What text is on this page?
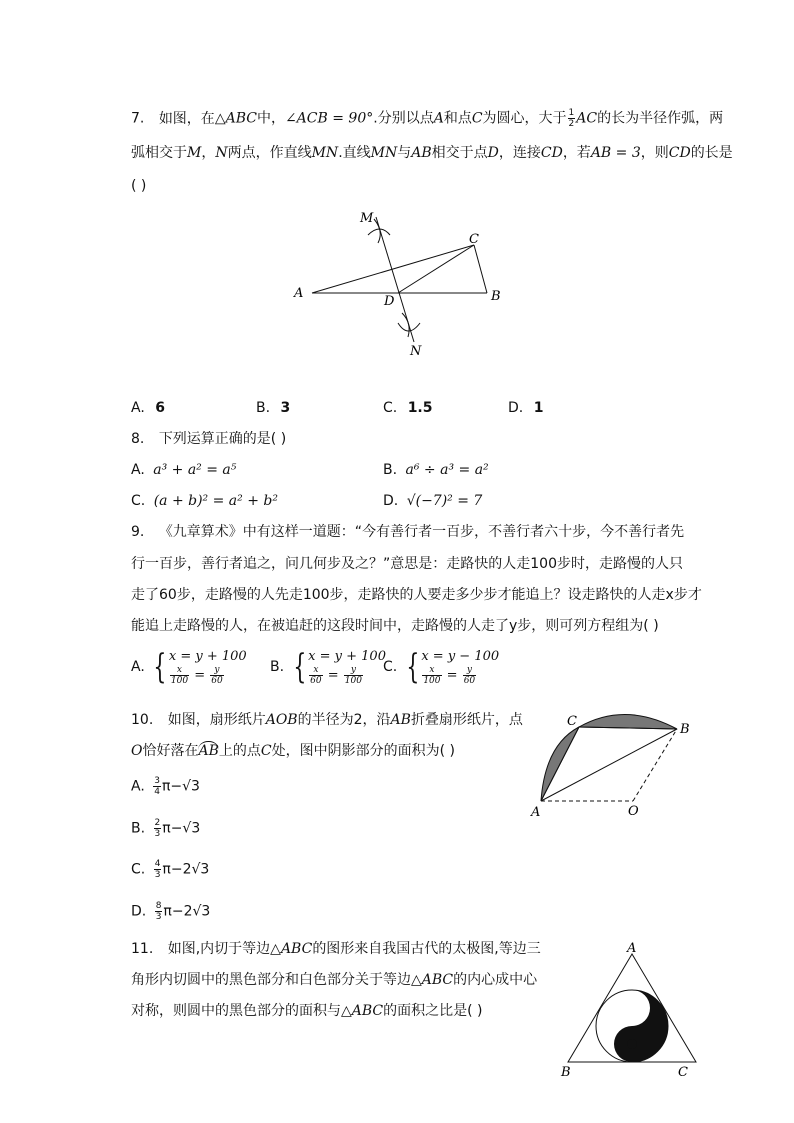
7. 如图，在△ABC中，∠ACB = 90°.分别以点A和点C为圆心，大于 $\frac{1}{2}$ AC的长为半径作弧，两
弧相交于M，N两点，作直线MN.直线MN与AB相交于点D，连接CD，若AB = 3，则CD的长是
( )
M
C
A
D	B
N
A. 6	B. 3	C. 1.5	D. 1
8. 下列运算正确的是( )
A. a³ + a² = a⁵	B. a⁶ ÷ a³ = a²
C. (a + b)² = a² + b²	D. √(−7)² = 7
9. 《九章算术》中有这样一道题：“今有善行者一百步，不善行者六十步，今不善行者先
行一百步，善行者追之，问几何步及之？”意思是：走路快的人走100步时，走路慢的人只
走了60步，走路慢的人先走100步，走路快的人要走多少步才能追上？设走路快的人走x步才
能追上走路慢的人，在被追赶的这段时间中，走路慢的人走了y步，则可列方程组为( )
A. { x = y + 100
$\frac{x}{100} = \frac{y}{60}$	B. { x = y + 100
$\frac{x}{60} = \frac{y}{100} C$. { x = y − 100
$\frac{x}{100} = \frac{y}{60}$
10. 如图，扇形纸片AOB的半径为2，沿AB折叠扇形纸片，点
O恰好落在AB上的点C处，图中阴影部分的面积为( )
A. $\frac{3}{4} \pi-√3$
B. $\frac{2}{3} \pi-√3$
C. $\frac{4}{3} \pi-2√3$
D. $\frac{8}{3} \pi-2√3$
C
B
A	O
11. 如图,内切于等边△ABC的图形来自我国古代的太极图,等边三
角形内切圆中的黑色部分和白色部分关于等边△ABC的内心成中心
对称，则圆中的黑色部分的面积与△ABC的面积之比是( )
A
B	C
